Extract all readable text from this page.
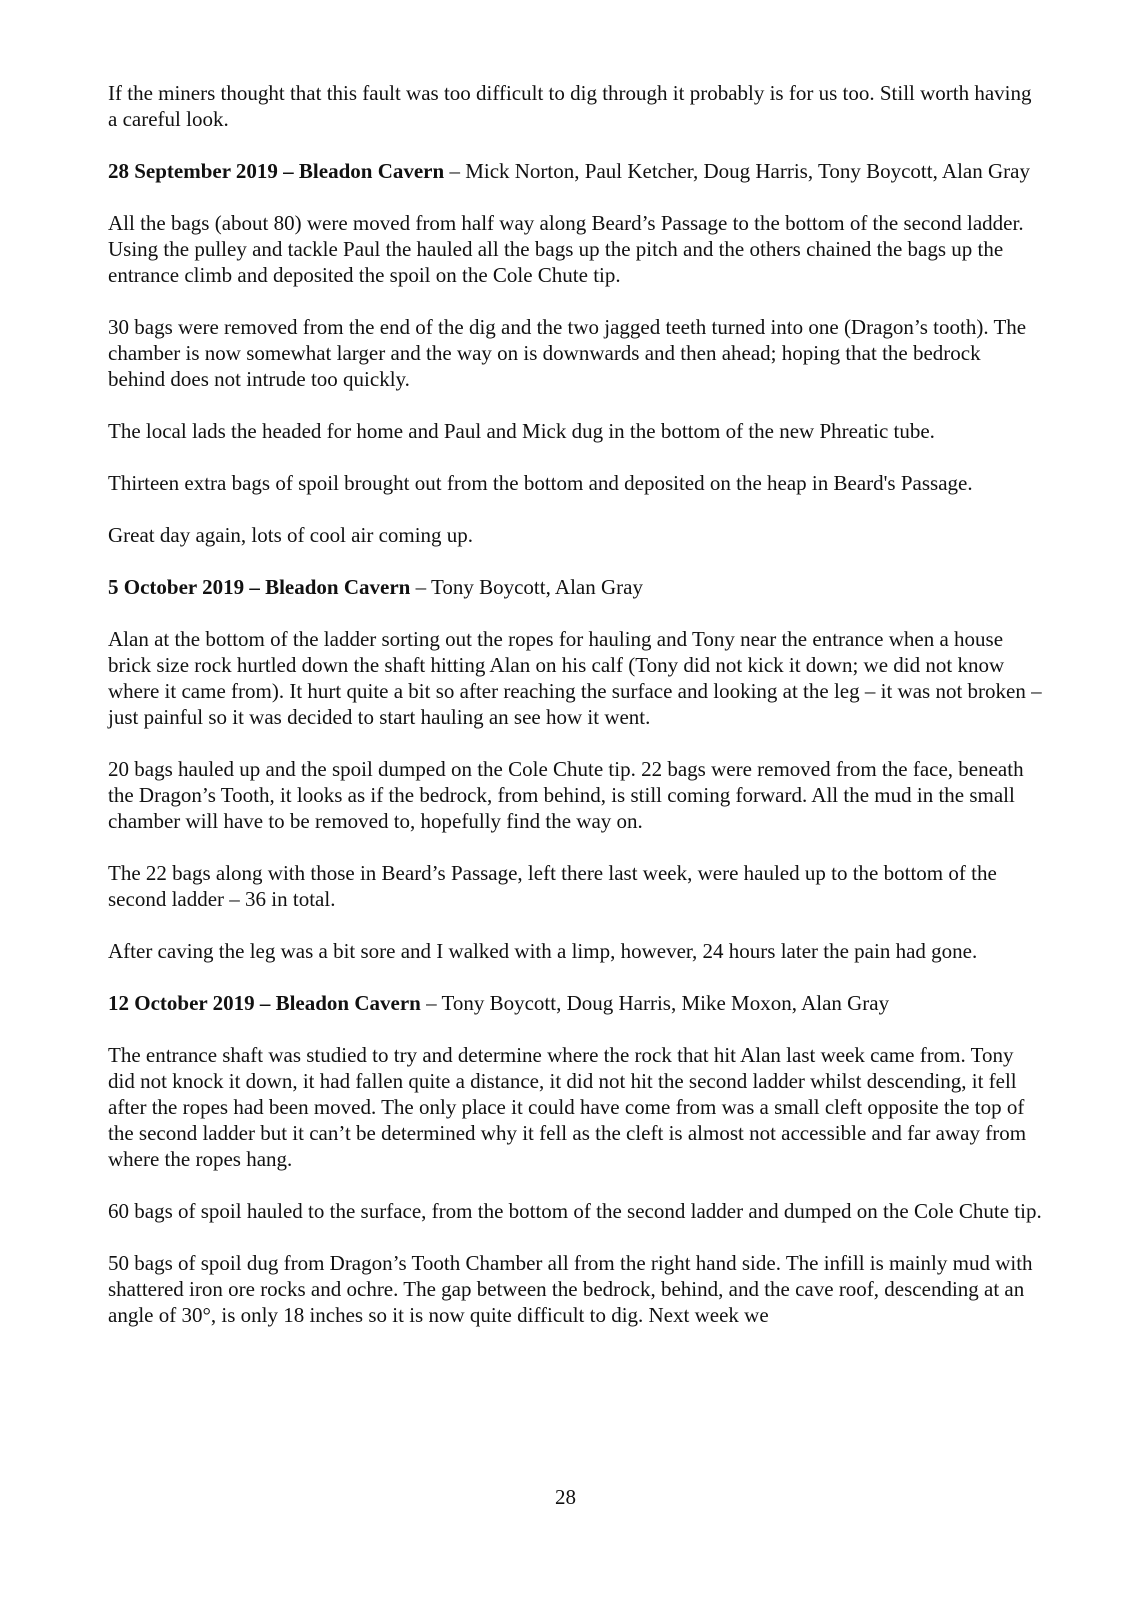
If the miners thought that this fault was too difficult to dig through it probably is for us too. Still worth having a careful look.

28 September 2019 – Bleadon Cavern – Mick Norton, Paul Ketcher, Doug Harris, Tony Boycott, Alan Gray

All the bags (about 80) were moved from half way along Beard’s Passage to the bottom of the second ladder. Using the pulley and tackle Paul the hauled all the bags up the pitch and the others chained the bags up the entrance climb and deposited the spoil on the Cole Chute tip.

30 bags were removed from the end of the dig and the two jagged teeth turned into one (Dragon’s tooth). The chamber is now somewhat larger and the way on is downwards and then ahead; hoping that the bedrock behind does not intrude too quickly.

The local lads the headed for home and Paul and Mick dug in the bottom of the new Phreatic tube.

Thirteen extra bags of spoil brought out from the bottom and deposited on the heap in Beard's Passage.

Great day again, lots of cool air coming up.

5 October 2019 – Bleadon Cavern – Tony Boycott, Alan Gray

Alan at the bottom of the ladder sorting out the ropes for hauling and Tony near the entrance when a house brick size rock hurtled down the shaft hitting Alan on his calf (Tony did not kick it down; we did not know where it came from). It hurt quite a bit so after reaching the surface and looking at the leg – it was not broken – just painful so it was decided to start hauling an see how it went.

20 bags hauled up and the spoil dumped on the Cole Chute tip. 22 bags were removed from the face, beneath the Dragon’s Tooth, it looks as if the bedrock, from behind, is still coming forward. All the mud in the small chamber will have to be removed to, hopefully find the way on.

The 22 bags along with those in Beard’s Passage, left there last week, were hauled up to the bottom of the second ladder – 36 in total.

After caving the leg was a bit sore and I walked with a limp, however, 24 hours later the pain had gone.

12 October 2019 – Bleadon Cavern – Tony Boycott, Doug Harris, Mike Moxon, Alan Gray

The entrance shaft was studied to try and determine where the rock that hit Alan last week came from. Tony did not knock it down, it had fallen quite a distance, it did not hit the second ladder whilst descending, it fell after the ropes had been moved. The only place it could have come from was a small cleft opposite the top of the second ladder but it can’t be determined why it fell as the cleft is almost not accessible and far away from where the ropes hang.

60 bags of spoil hauled to the surface, from the bottom of the second ladder and dumped on the Cole Chute tip.

50 bags of spoil dug from Dragon’s Tooth Chamber all from the right hand side. The infill is mainly mud with shattered iron ore rocks and ochre. The gap between the bedrock, behind, and the cave roof, descending at an angle of 30°, is only 18 inches so it is now quite difficult to dig. Next week we

28
